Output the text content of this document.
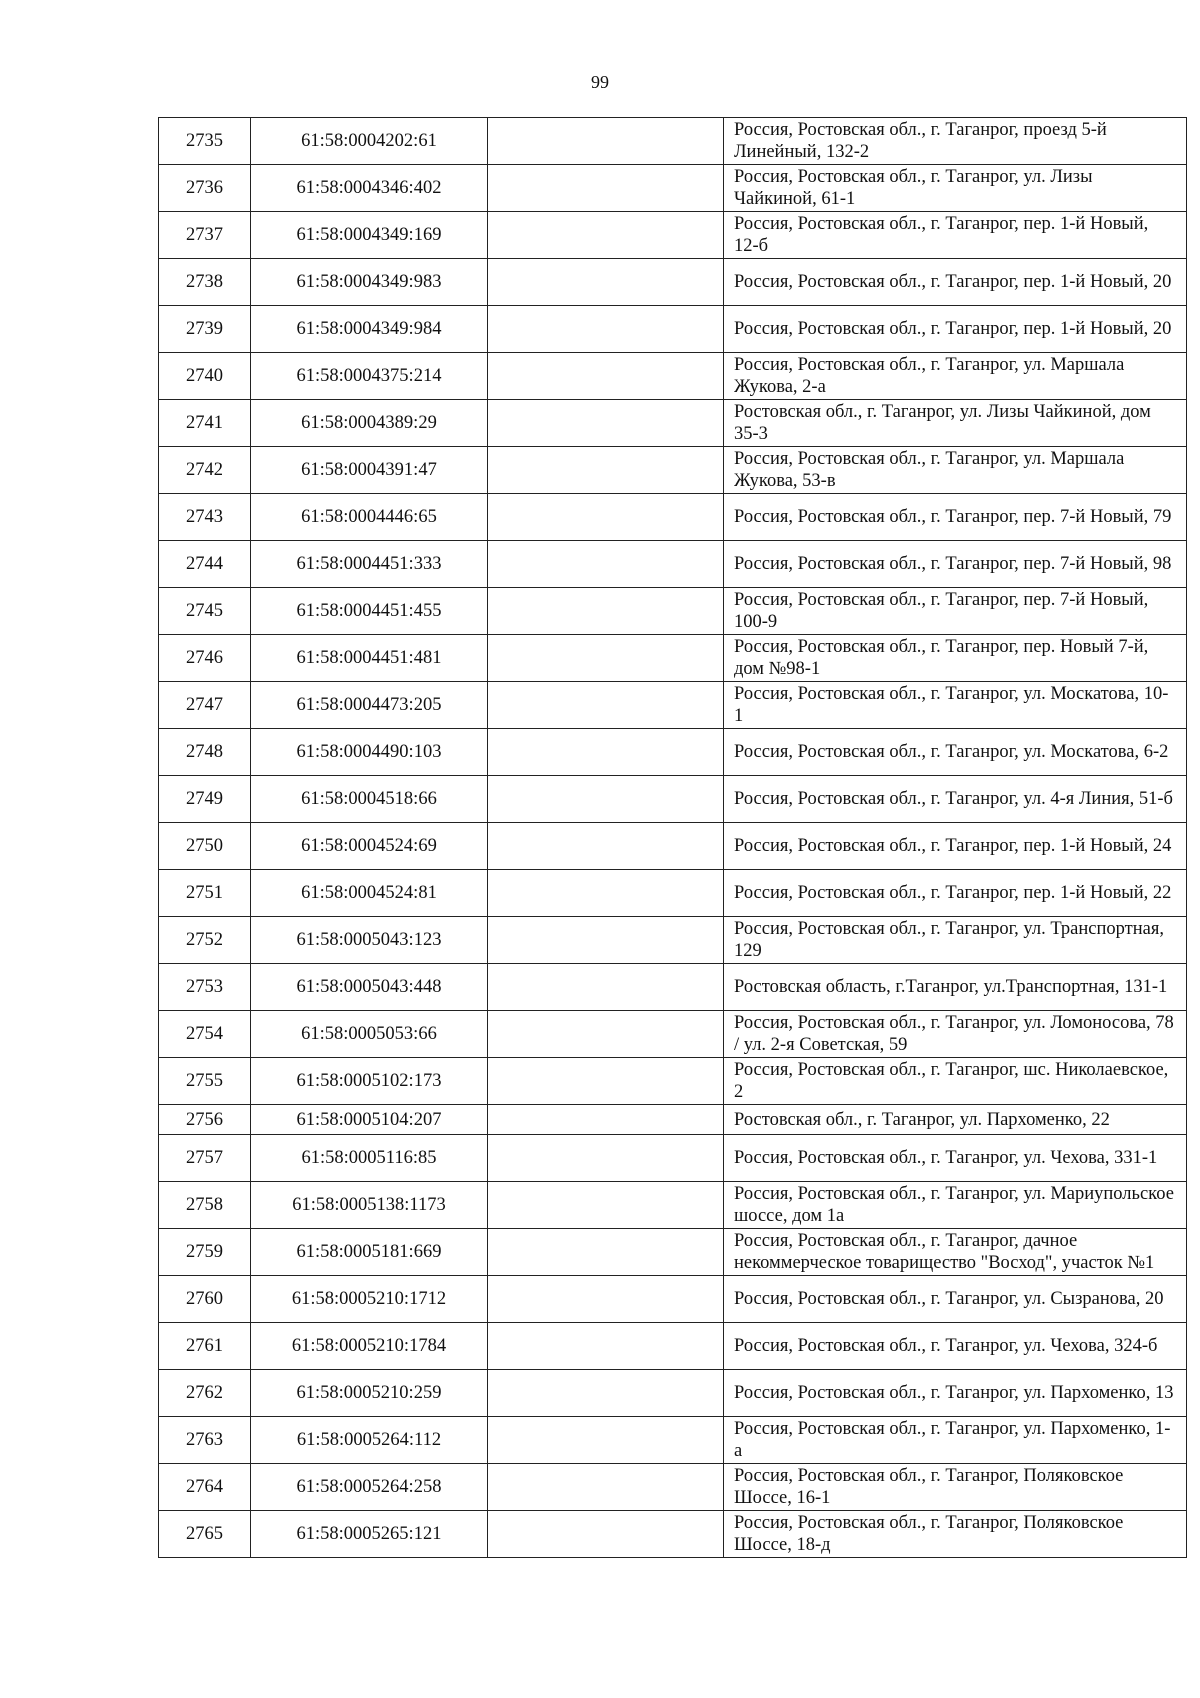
99
2735	61:58:0004202:61		Россия, Ростовская обл., г. Таганрог, проезд 5-й Линейный, 132-2
2736	61:58:0004346:402		Россия, Ростовская обл., г. Таганрог, ул. Лизы Чайкиной, 61-1
2737	61:58:0004349:169		Россия, Ростовская обл., г. Таганрог, пер. 1-й Новый, 12-б
2738	61:58:0004349:983		Россия, Ростовская обл., г. Таганрог, пер. 1-й Новый, 20
2739	61:58:0004349:984		Россия, Ростовская обл., г. Таганрог, пер. 1-й Новый, 20
2740	61:58:0004375:214		Россия, Ростовская обл., г. Таганрог, ул. Маршала Жукова, 2-а
2741	61:58:0004389:29		Ростовская обл., г. Таганрог, ул. Лизы Чайкиной, дом 35-3
2742	61:58:0004391:47		Россия, Ростовская обл., г. Таганрог, ул. Маршала Жукова, 53-в
2743	61:58:0004446:65		Россия, Ростовская обл., г. Таганрог, пер. 7-й Новый, 79
2744	61:58:0004451:333		Россия, Ростовская обл., г. Таганрог, пер. 7-й Новый, 98
2745	61:58:0004451:455		Россия, Ростовская обл., г. Таганрог, пер. 7-й Новый, 100-9
2746	61:58:0004451:481		Россия, Ростовская обл., г. Таганрог, пер. Новый 7-й, дом №98-1
2747	61:58:0004473:205		Россия, Ростовская обл., г. Таганрог, ул. Москатова, 10-1
2748	61:58:0004490:103		Россия, Ростовская обл., г. Таганрог, ул. Москатова, 6-2
2749	61:58:0004518:66		Россия, Ростовская обл., г. Таганрог, ул. 4-я Линия, 51-б
2750	61:58:0004524:69		Россия, Ростовская обл., г. Таганрог, пер. 1-й Новый, 24
2751	61:58:0004524:81		Россия, Ростовская обл., г. Таганрог, пер. 1-й Новый, 22
2752	61:58:0005043:123		Россия, Ростовская обл., г. Таганрог, ул. Транспортная, 129
2753	61:58:0005043:448		Ростовская область, г.Таганрог, ул.Транспортная, 131-1
2754	61:58:0005053:66		Россия, Ростовская обл., г. Таганрог, ул. Ломоносова, 78 / ул. 2-я Советская, 59
2755	61:58:0005102:173		Россия, Ростовская обл., г. Таганрог, шс. Николаевское, 2
2756	61:58:0005104:207		Ростовская обл., г. Таганрог, ул. Пархоменко, 22
2757	61:58:0005116:85		Россия, Ростовская обл., г. Таганрог, ул. Чехова, 331-1
2758	61:58:0005138:1173		Россия, Ростовская обл., г. Таганрог, ул. Мариупольское шоссе, дом 1а
2759	61:58:0005181:669		Россия, Ростовская обл., г. Таганрог, дачное некоммерческое товарищество "Восход", участок №1
2760	61:58:0005210:1712		Россия, Ростовская обл., г. Таганрог, ул. Сызранова, 20
2761	61:58:0005210:1784		Россия, Ростовская обл., г. Таганрог, ул. Чехова, 324-б
2762	61:58:0005210:259		Россия, Ростовская обл., г. Таганрог, ул. Пархоменко, 13
2763	61:58:0005264:112		Россия, Ростовская обл., г. Таганрог, ул. Пархоменко, 1-а
2764	61:58:0005264:258		Россия, Ростовская обл., г. Таганрог, Поляковское Шоссе, 16-1
2765	61:58:0005265:121		Россия, Ростовская обл., г. Таганрог, Поляковское Шоссе, 18-д
